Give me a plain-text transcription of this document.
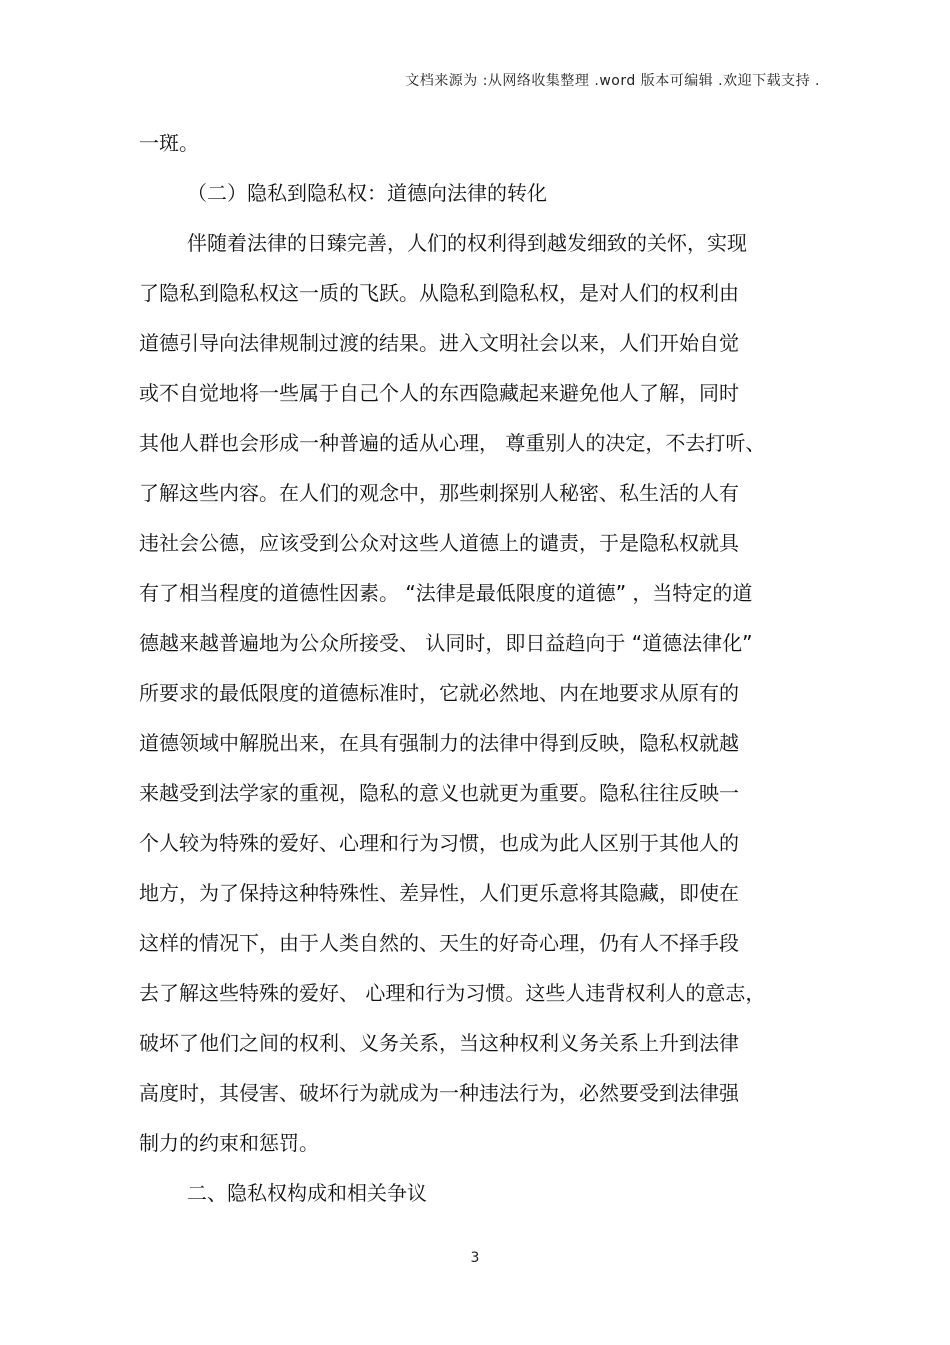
文档来源为 :从网络收集整理 .word 版本可编辑 .欢迎下载支持 .
一斑。
（二）隐私到隐私权：道德向法律的转化
伴随着法律的日臻完善，人们的权利得到越发细致的关怀，实现
了隐私到隐私权这一质的飞跃。从隐私到隐私权，是对人们的权利由
道德引导向法律规制过渡的结果。进入文明社会以来，人们开始自觉
或不自觉地将一些属于自己个人的东西隐藏起来避免他人了解，同时
其他人群也会形成一种普遍的适从心理， 尊重别人的决定，不去打听、
了解这些内容。在人们的观念中，那些刺探别人秘密、私生活的人有
违社会公德，应该受到公众对这些人道德上的谴责，于是隐私权就具
有了相当程度的道德性因素。 “法律是最低限度的道德” ，当特定的道
德越来越普遍地为公众所接受、 认同时，即日益趋向于 “道德法律化”
所要求的最低限度的道德标准时，它就必然地、内在地要求从原有的
道德领域中解脱出来，在具有强制力的法律中得到反映，隐私权就越
来越受到法学家的重视，隐私的意义也就更为重要。隐私往往反映一
个人较为特殊的爱好、心理和行为习惯，也成为此人区别于其他人的
地方，为了保持这种特殊性、差异性，人们更乐意将其隐藏，即使在
这样的情况下，由于人类自然的、天生的好奇心理，仍有人不择手段
去了解这些特殊的爱好、 心理和行为习惯。这些人违背权利人的意志，
破坏了他们之间的权利、义务关系，当这种权利义务关系上升到法律
高度时，其侵害、破坏行为就成为一种违法行为，必然要受到法律强
制力的约束和惩罚。
二、隐私权构成和相关争议
3
